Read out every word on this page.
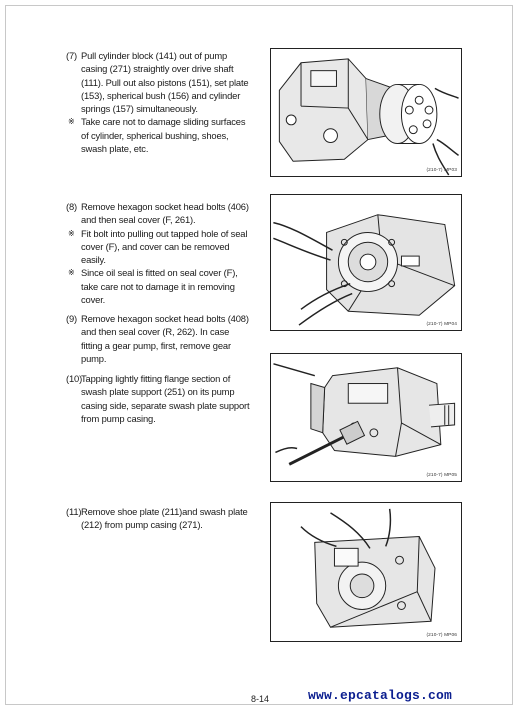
(7) Pull cylinder block (141) out of pump casing (271) straightly over drive shaft (111). Pull out also pistons (151), set plate (153), spherical bush (156) and cylinder springs (157) simultaneously.

※ Take care not to damage sliding surfaces of cylinder, spherical bushing, shoes, swash plate, etc.

(8) Remove hexagon socket head bolts (406) and then seal cover (F, 261).

※ Fit bolt into pulling out tapped hole of seal cover (F), and cover can be removed easily.

※ Since oil seal is fitted on seal cover (F), take care not to damage it in removing cover.

(9) Remove hexagon socket head bolts (408) and then seal cover (R, 262). In case fitting a gear pump, first, remove gear pump.

(10)
Tapping lightly fitting flange section of swash plate support (251) on its pump casing side, separate swash plate support from pump casing.

(11) Remove shoe plate (211)and swash plate (212) from pump casing (271).

(210-7) MP03
(210-7) MP04
(210-7) MP05
(210-7) MP06
8-14	www.epcatalogs.com
